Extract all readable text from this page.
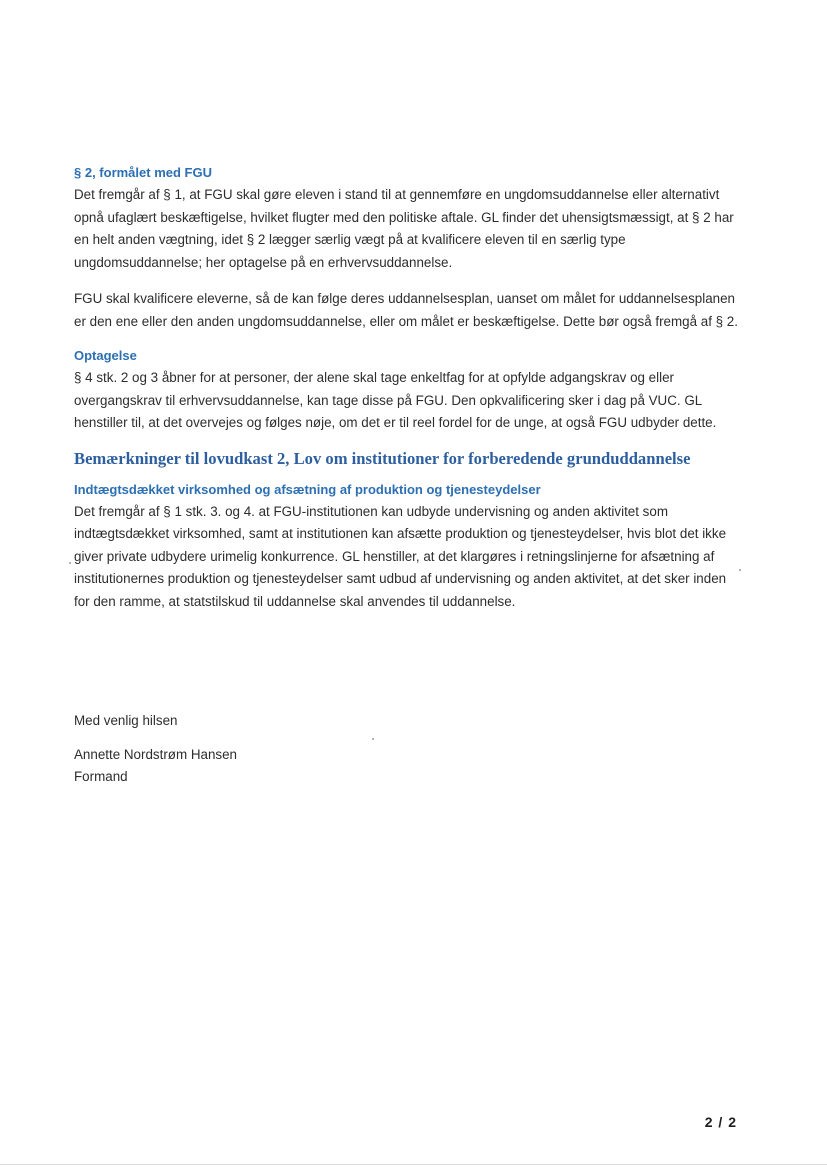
§ 2, formålet med FGU

Det fremgår af § 1, at FGU skal gøre eleven i stand til at gennemføre en ungdomsuddannelse eller alternativt opnå ufaglært beskæftigelse, hvilket flugter med den politiske aftale. GL finder det uhensigtsmæssigt, at § 2 har en helt anden vægtning, idet § 2 lægger særlig vægt på at kvalificere eleven til en særlig type ungdomsuddannelse; her optagelse på en erhvervsuddannelse.

FGU skal kvalificere eleverne, så de kan følge deres uddannelsesplan, uanset om målet for uddannelsesplanen er den ene eller den anden ungdomsuddannelse, eller om målet er beskæftigelse. Dette bør også fremgå af § 2.

Optagelse

§ 4 stk. 2 og 3 åbner for at personer, der alene skal tage enkeltfag for at opfylde adgangskrav og eller overgangskrav til erhvervsuddannelse, kan tage disse på FGU. Den opkvalificering sker i dag på VUC. GL henstiller til, at det overvejes og følges nøje, om det er til reel fordel for de unge, at også FGU udbyder dette.

Bemærkninger til lovudkast 2, Lov om institutioner for forberedende grunduddannelse
Indtægtsdækket virksomhed og afsætning af produktion og tjenesteydelser

Det fremgår af § 1 stk. 3. og 4. at FGU-institutionen kan udbyde undervisning og anden aktivitet som indtægtsdækket virksomhed, samt at institutionen kan afsætte produktion og tjenesteydelser, hvis blot det ikke giver private udbydere urimelig konkurrence. GL henstiller, at det klargøres i retningslinjerne for afsætning af institutionernes produktion og tjenesteydelser samt udbud af undervisning og anden aktivitet, at det sker inden for den ramme, at statstilskud til uddannelse skal anvendes til uddannelse.

Med venlig hilsen

Annette Nordstrøm Hansen

Formand

2 / 2
